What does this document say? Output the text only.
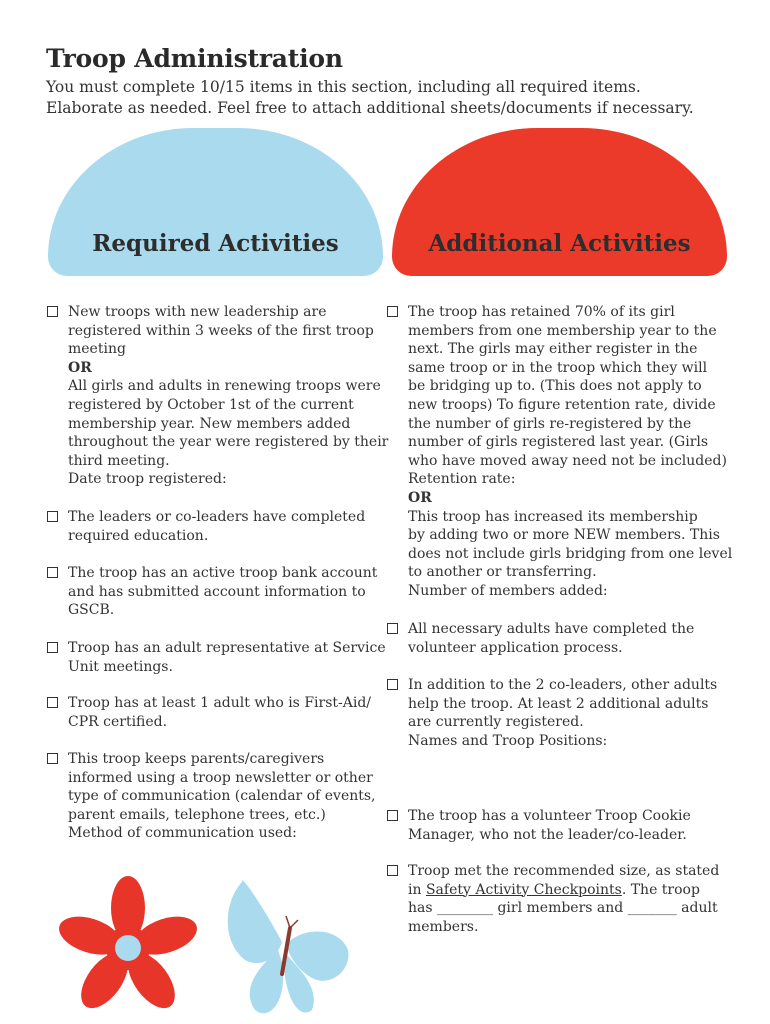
Troop Administration
You must complete 10/15 items in this section, including all required items.
Elaborate as needed. Feel free to attach additional sheets/documents if necessary.
Required Activities	Additional Activities
New troops with new leadership are
registered within 3 weeks of the first troop
meeting
OR
All girls and adults in renewing troops were
registered by October 1st of the current
membership year. New members added
throughout the year were registered by their
third meeting.
Date troop registered:
The leaders or co-leaders have completed
required education.
The troop has an active troop bank account
and has submitted account information to
GSCB.
Troop has an adult representative at Service
Unit meetings.
Troop has at least 1 adult who is First-Aid/
CPR certified.
This troop keeps parents/caregivers
informed using a troop newsletter or other
type of communication (calendar of events,
parent emails, telephone trees, etc.)
Method of communication used:
The troop has retained 70% of its girl
members from one membership year to the
next. The girls may either register in the
same troop or in the troop which they will
be bridging up to. (This does not apply to
new troops) To figure retention rate, divide
the number of girls re-registered by the
number of girls registered last year. (Girls
who have moved away need not be included)
Retention rate:
OR
This troop has increased its membership
by adding two or more NEW members. This
does not include girls bridging from one level
to another or transferring.
Number of members added:
All necessary adults have completed the
volunteer application process.
In addition to the 2 co-leaders, other adults
help the troop. At least 2 additional adults
are currently registered.
Names and Troop Positions:
The troop has a volunteer Troop Cookie
Manager, who not the leader/co-leader.
Troop met the recommended size, as stated
in Safety Activity Checkpoints. The troop
has ________ girl members and _______ adult
members.
